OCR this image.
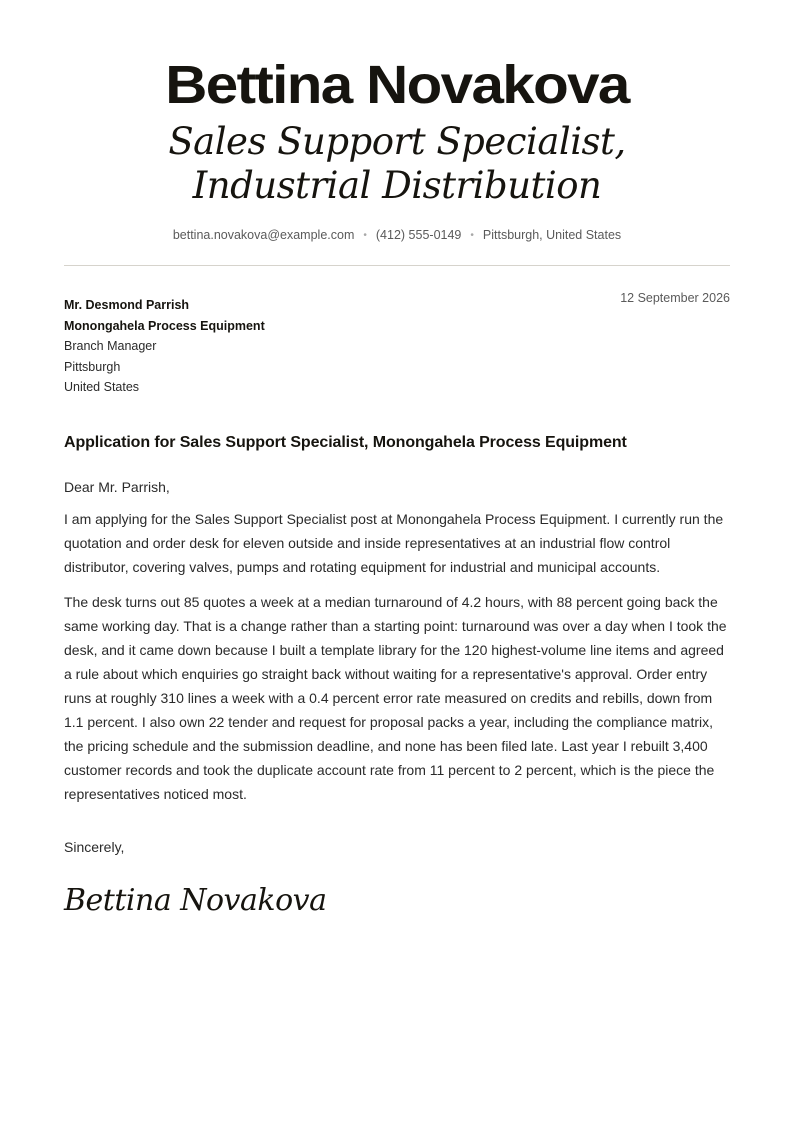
Bettina Novakova
Sales Support Specialist, Industrial Distribution
bettina.novakova@example.com • (412) 555-0149 • Pittsburgh, United States
12 September 2026
Mr. Desmond Parrish
Monongahela Process Equipment
Branch Manager
Pittsburgh
United States
Application for Sales Support Specialist, Monongahela Process Equipment
Dear Mr. Parrish,

I am applying for the Sales Support Specialist post at Monongahela Process Equipment. I currently run the quotation and order desk for eleven outside and inside representatives at an industrial flow control distributor, covering valves, pumps and rotating equipment for industrial and municipal accounts.

The desk turns out 85 quotes a week at a median turnaround of 4.2 hours, with 88 percent going back the same working day. That is a change rather than a starting point: turnaround was over a day when I took the desk, and it came down because I built a template library for the 120 highest-volume line items and agreed a rule about which enquiries go straight back without waiting for a representative's approval. Order entry runs at roughly 310 lines a week with a 0.4 percent error rate measured on credits and rebills, down from 1.1 percent. I also own 22 tender and request for proposal packs a year, including the compliance matrix, the pricing schedule and the submission deadline, and none has been filed late. Last year I rebuilt 3,400 customer records and took the duplicate account rate from 11 percent to 2 percent, which is the piece the representatives noticed most.

Sincerely,
Bettina Novakova
